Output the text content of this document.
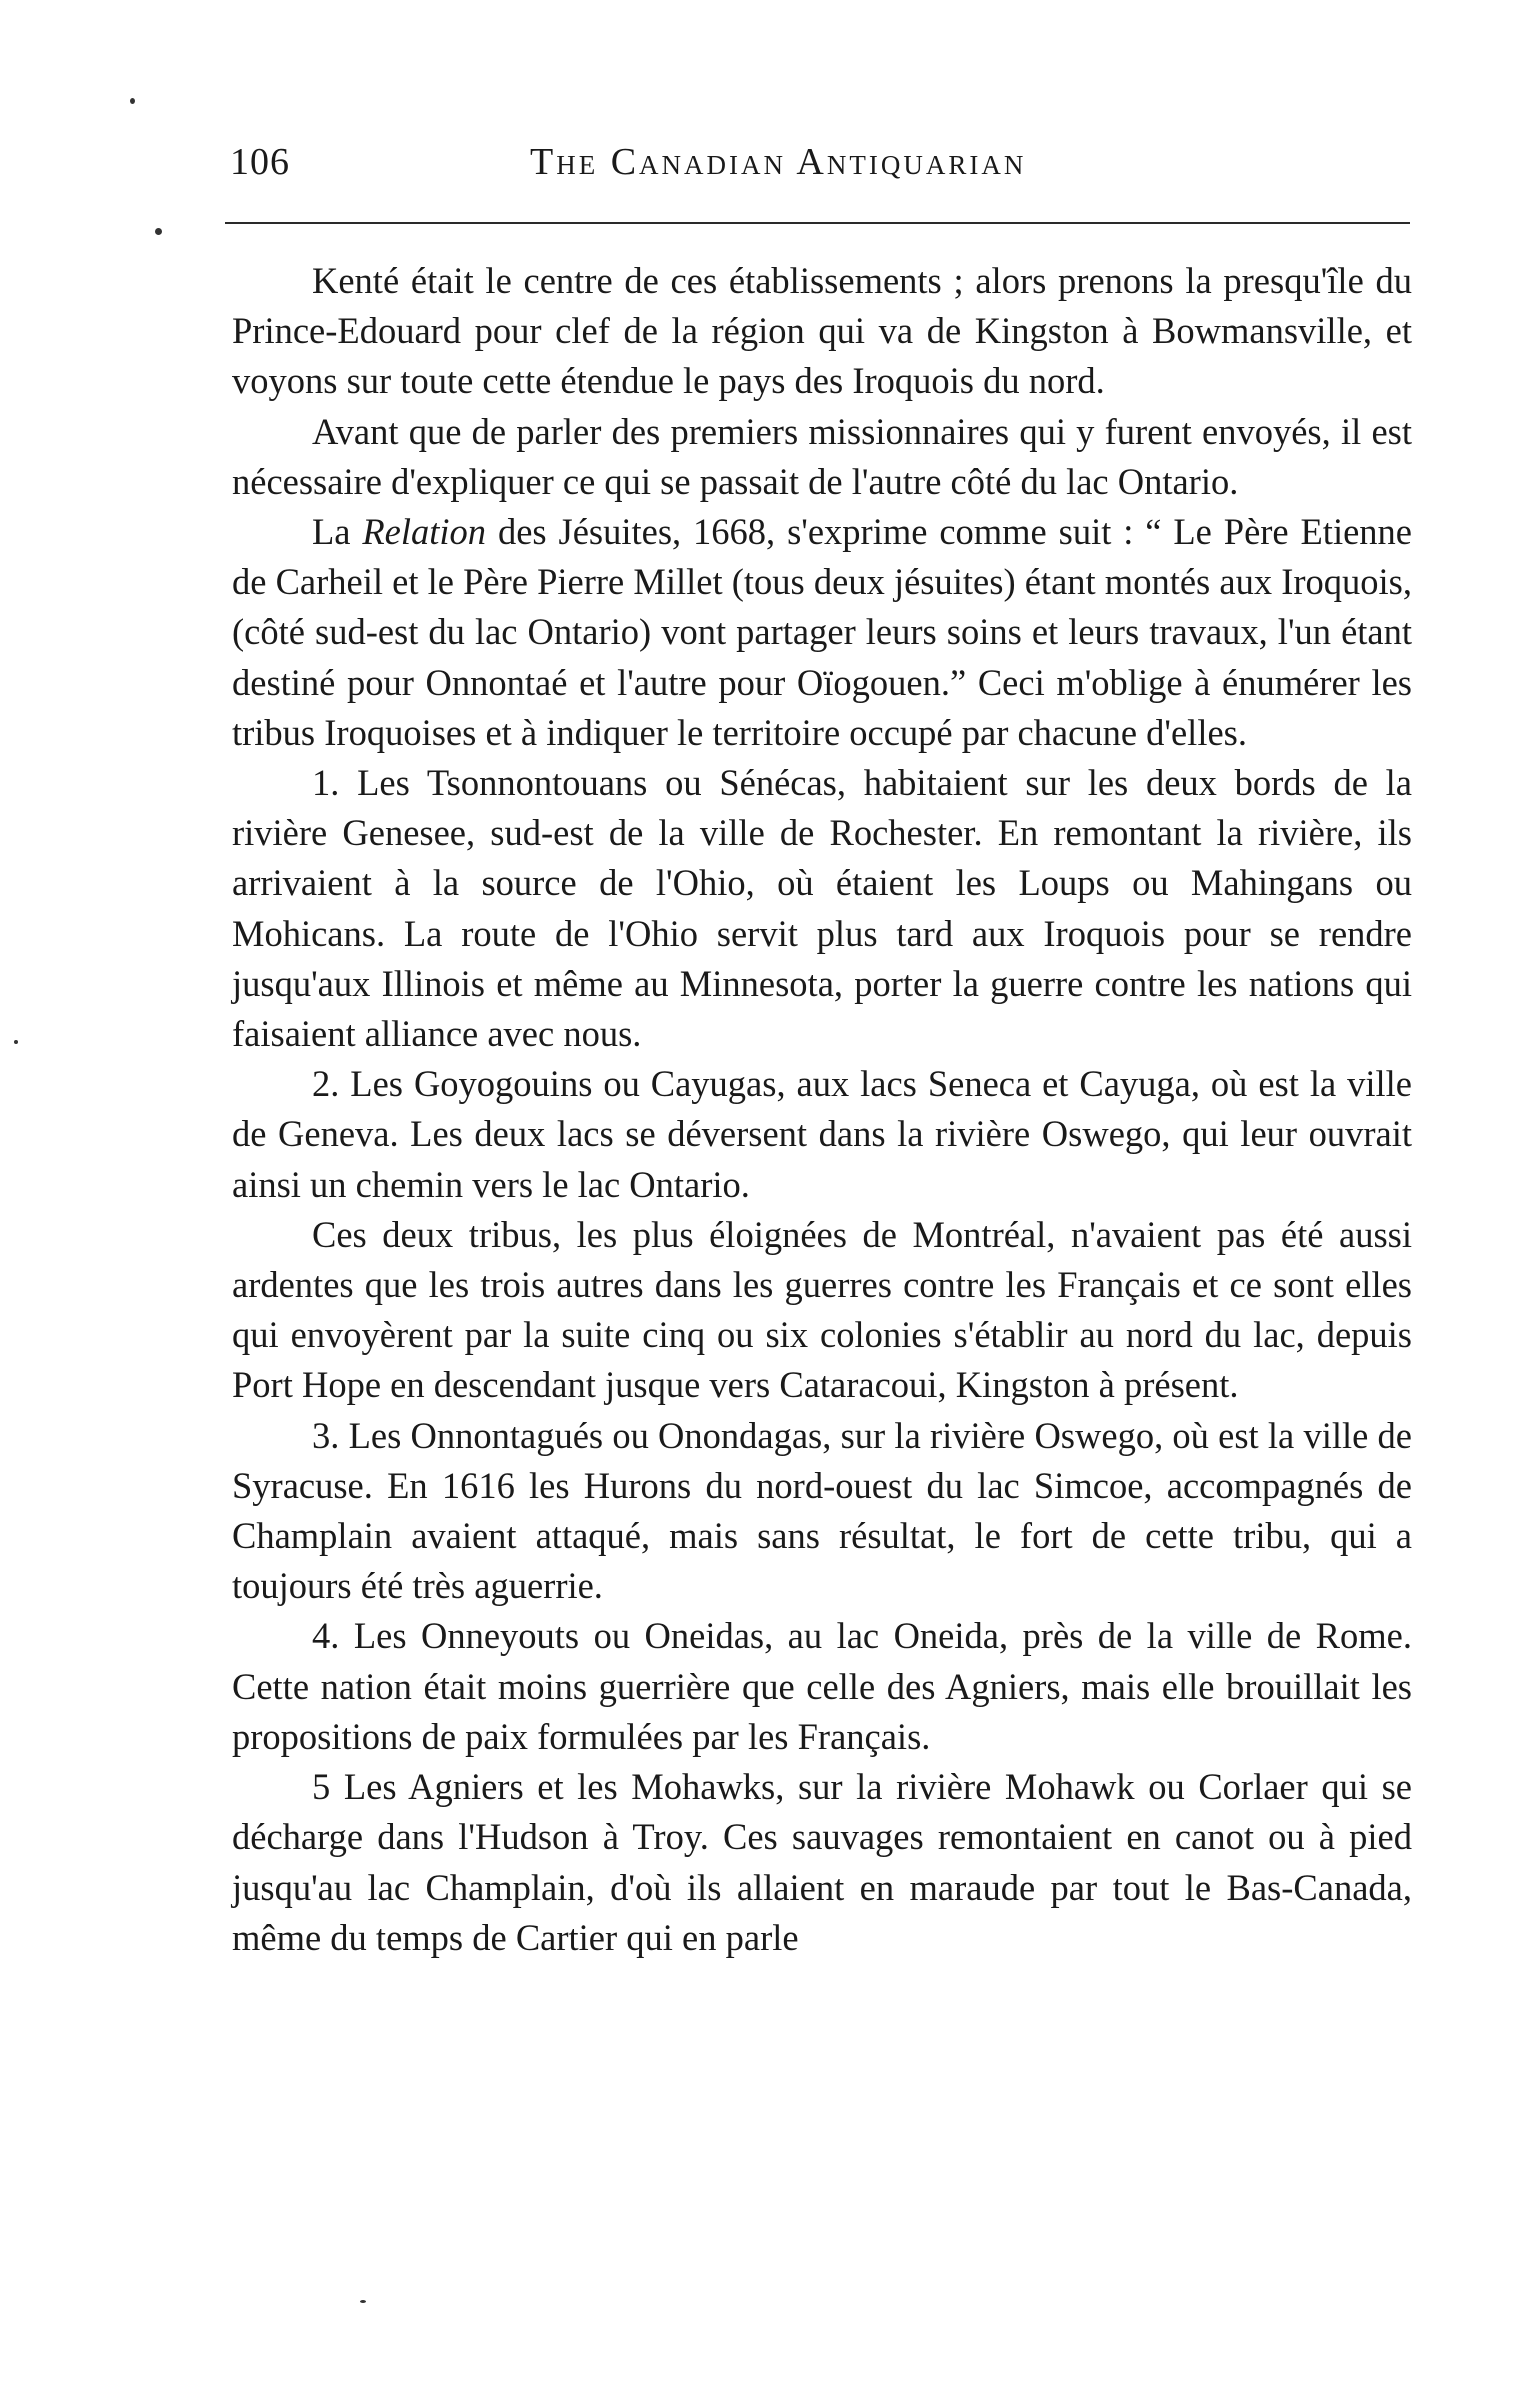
106	The Canadian Antiquarian

Kenté était le centre de ces établissements ; alors prenons la presqu'île du Prince-Edouard pour clef de la région qui va de Kingston à Bowmansville, et voyons sur toute cette étendue le pays des Iroquois du nord.

Avant que de parler des premiers missionnaires qui y furent envoyés, il est nécessaire d'expliquer ce qui se passait de l'autre côté du lac Ontario.

La Relation des Jésuites, 1668, s'exprime comme suit : “ Le Père Etienne de Carheil et le Père Pierre Millet (tous deux jésuites) étant montés aux Iroquois, (côté sud-est du lac Ontario) vont partager leurs soins et leurs travaux, l'un étant destiné pour Onnontaé et l'autre pour Oïogouen.” Ceci m'oblige à énumérer les tribus Iroquoises et à indiquer le territoire occupé par chacune d'elles.

1. Les Tsonnontouans ou Sénécas, habitaient sur les deux bords de la rivière Genesee, sud-est de la ville de Rochester. En remontant la rivière, ils arrivaient à la source de l'Ohio, où étaient les Loups ou Mahingans ou Mohicans. La route de l'Ohio servit plus tard aux Iroquois pour se rendre jusqu'aux Illinois et même au Minnesota, porter la guerre contre les nations qui faisaient alliance avec nous.

2. Les Goyogouins ou Cayugas, aux lacs Seneca et Cayuga, où est la ville de Geneva. Les deux lacs se déversent dans la rivière Oswego, qui leur ouvrait ainsi un chemin vers le lac Ontario.

Ces deux tribus, les plus éloignées de Montréal, n'avaient pas été aussi ardentes que les trois autres dans les guerres contre les Français et ce sont elles qui envoyèrent par la suite cinq ou six colonies s'établir au nord du lac, depuis Port Hope en descendant jusque vers Cataracoui, Kingston à présent.

3. Les Onnontagués ou Onondagas, sur la rivière Oswego, où est la ville de Syracuse. En 1616 les Hurons du nord-ouest du lac Simcoe, accompagnés de Champlain avaient attaqué, mais sans résultat, le fort de cette tribu, qui a toujours été très aguerrie.

4. Les Onneyouts ou Oneidas, au lac Oneida, près de la ville de Rome. Cette nation était moins guerrière que celle des Agniers, mais elle brouillait les propositions de paix formulées par les Français.

5 Les Agniers et les Mohawks, sur la rivière Mohawk ou Corlaer qui se décharge dans l'Hudson à Troy. Ces sauvages remontaient en canot ou à pied jusqu'au lac Champlain, d'où ils allaient en maraude par tout le Bas-Canada, même du temps de Cartier qui en parle
